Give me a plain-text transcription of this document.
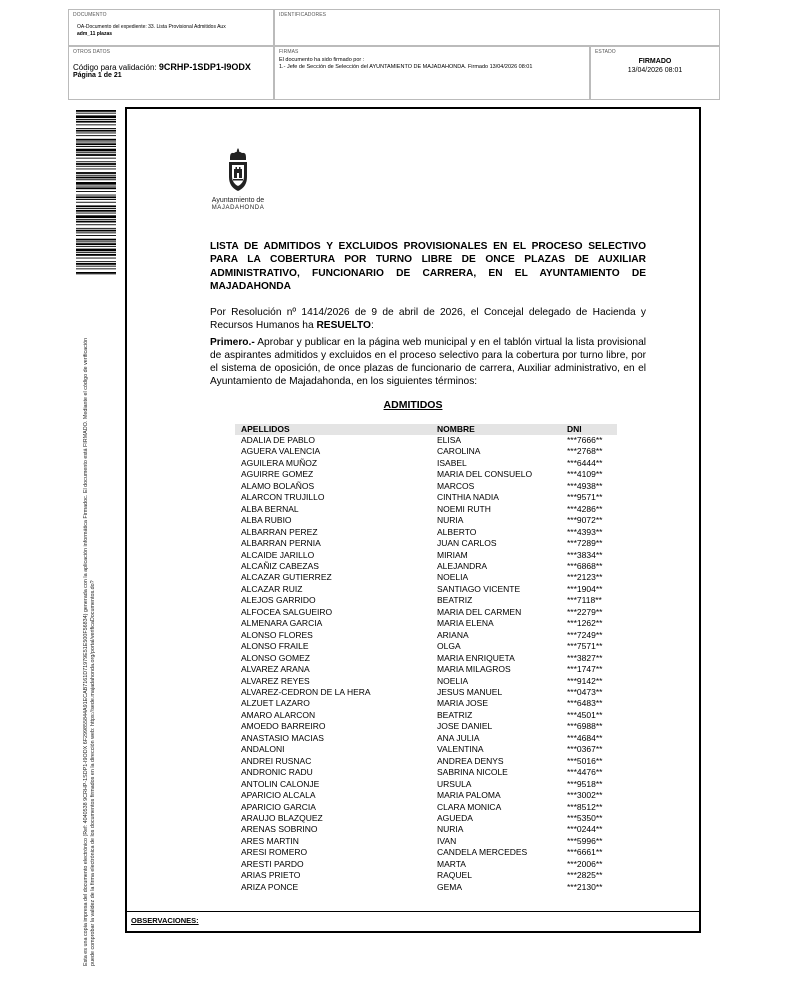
DOCUMENTO
OA-Documento del expediente: 33. Lista Provisional Admitidos Aux
adm_11 plazas
IDENTIFICADORES
OTROS DATOS
Código para validación: 9CRHP-1SDP1-I9ODX
Página 1 de 21
FIRMAS
El documento ha sido firmado por :
1.- Jefe de Sección de Selección del AYUNTAMIENTO DE MAJADAHONDA. Firmado 13/04/2026 08:01
ESTADO
FIRMADO
13/04/2026 08:01
Esta es una copia impresa del documento electrónico (Ref: 4040538 9CRHP-1SDP1-I9ODX 6F299855844A91ECAB7161D71979E51E500F56834) generada con la aplicación informática Firmadoc. El documento está FIRMADO. Mediante el código de verificación puede comprobar la validez de la firma electrónica de los documentos firmados en la dirección web: https://sede.majadahonda.org/portal/verificaDocumentos.do?
Ayuntamiento de
MAJADAHONDA
LISTA DE ADMITIDOS Y EXCLUIDOS PROVISIONALES EN EL PROCESO SELECTIVO PARA LA COBERTURA POR TURNO LIBRE DE ONCE PLAZAS DE AUXILIAR ADMINISTRATIVO, FUNCIONARIO DE CARRERA, EN EL AYUNTAMIENTO DE MAJADAHONDA
Por Resolución nº 1414/2026 de 9 de abril de 2026, el Concejal delegado de Hacienda y Recursos Humanos ha RESUELTO:
Primero.- Aprobar y publicar en la página web municipal y en el tablón virtual la lista provisional de aspirantes admitidos y excluidos en el proceso selectivo para la cobertura por turno libre, por el sistema de oposición, de once plazas de funcionario de carrera, Auxiliar administrativo, en el Ayuntamiento de Majadahonda, en los siguientes términos:
ADMITIDOS
APELLIDOS	NOMBRE	DNI
ADALIA DE PABLO	ELISA	***7666**
AGUERA VALENCIA	CAROLINA	***2768**
AGUILERA MUÑOZ	ISABEL	***6444**
AGUIRRE GOMEZ	MARIA DEL CONSUELO	***4109**
ALAMO BOLAÑOS	MARCOS	***4938**
ALARCON TRUJILLO	CINTHIA NADIA	***9571**
ALBA BERNAL	NOEMI RUTH	***4286**
ALBA RUBIO	NURIA	***9072**
ALBARRAN PEREZ	ALBERTO	***4393**
ALBARRAN PERNIA	JUAN CARLOS	***7289**
ALCAIDE JARILLO	MIRIAM	***3834**
ALCAÑIZ CABEZAS	ALEJANDRA	***6868**
ALCAZAR GUTIERREZ	NOELIA	***2123**
ALCAZAR RUIZ	SANTIAGO VICENTE	***1904**
ALEJOS GARRIDO	BEATRIZ	***7118**
ALFOCEA SALGUEIRO	MARIA DEL CARMEN	***2279**
ALMENARA GARCIA	MARIA ELENA	***1262**
ALONSO FLORES	ARIANA	***7249**
ALONSO FRAILE	OLGA	***7571**
ALONSO GOMEZ	MARIA ENRIQUETA	***3827**
ALVAREZ ARANA	MARIA MILAGROS	***1747**
ALVAREZ REYES	NOELIA	***9142**
ALVAREZ-CEDRON DE LA HERA	JESUS MANUEL	***0473**
ALZUET LAZARO	MARIA JOSE	***6483**
AMARO ALARCON	BEATRIZ	***4501**
AMOEDO BARREIRO	JOSE DANIEL	***6988**
ANASTASIO MACIAS	ANA JULIA	***4684**
ANDALONI	VALENTINA	***0367**
ANDREI RUSNAC	ANDREA DENYS	***5016**
ANDRONIC RADU	SABRINA NICOLE	***4476**
ANTOLIN CALONJE	URSULA	***9518**
APARICIO ALCALA	MARIA PALOMA	***3002**
APARICIO GARCIA	CLARA MONICA	***8512**
ARAUJO BLAZQUEZ	AGUEDA	***5350**
ARENAS SOBRINO	NURIA	***0244**
ARES MARTIN	IVAN	***5996**
ARESI ROMERO	CANDELA MERCEDES	***6661**
ARESTI PARDO	MARTA	***2006**
ARIAS PRIETO	RAQUEL	***2825**
ARIZA PONCE	GEMA	***2130**
OBSERVACIONES:
